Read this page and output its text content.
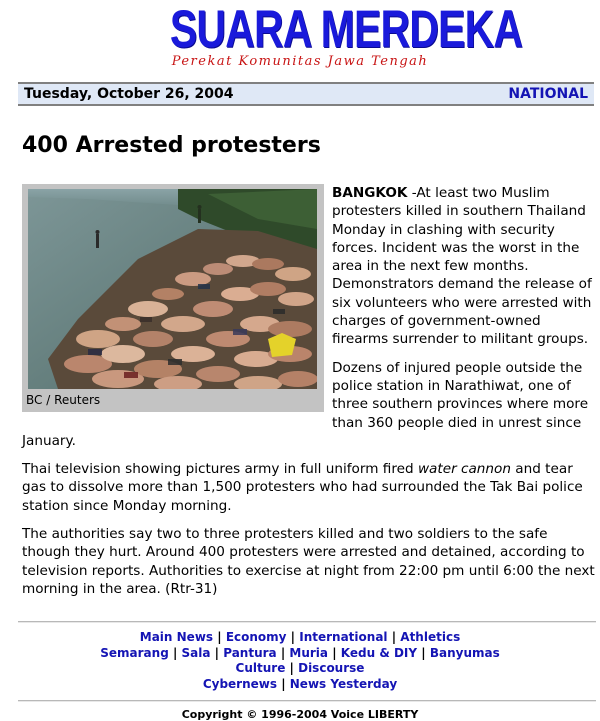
SUARA MERDEKA
Perekat Komunitas Jawa Tengah
Tuesday, October 26, 2004	NATIONAL
400 Arrested protesters
BC / Reuters

BANGKOK -At least two Muslim protesters killed in southern Thailand Monday in clashing with security forces. Incident was the worst in the area in the next few months. Demonstrators demand the release of six volunteers who were arrested with charges of government-owned firearms surrender to militant groups.

Dozens of injured people outside the police station in Narathiwat, one of three southern provinces where more than 360 people died in unrest since January.

Thai television showing pictures army in full uniform fired water cannon and tear gas to dissolve more than 1,500 protesters who had surrounded the Tak Bai police station since Monday morning.

The authorities say two to three protesters killed and two soldiers to the safe though they hurt. Around 400 protesters were arrested and detained, according to television reports. Authorities to exercise at night from 22:00 pm until 6:00 the next morning in the area. (Rtr-31)

Main News | Economy | International | Athletics
Semarang | Sala | Pantura | Muria | Kedu & DIY | Banyumas
Culture | Discourse
Cybernews | News Yesterday
Copyright © 1996-2004 Voice LIBERTY
